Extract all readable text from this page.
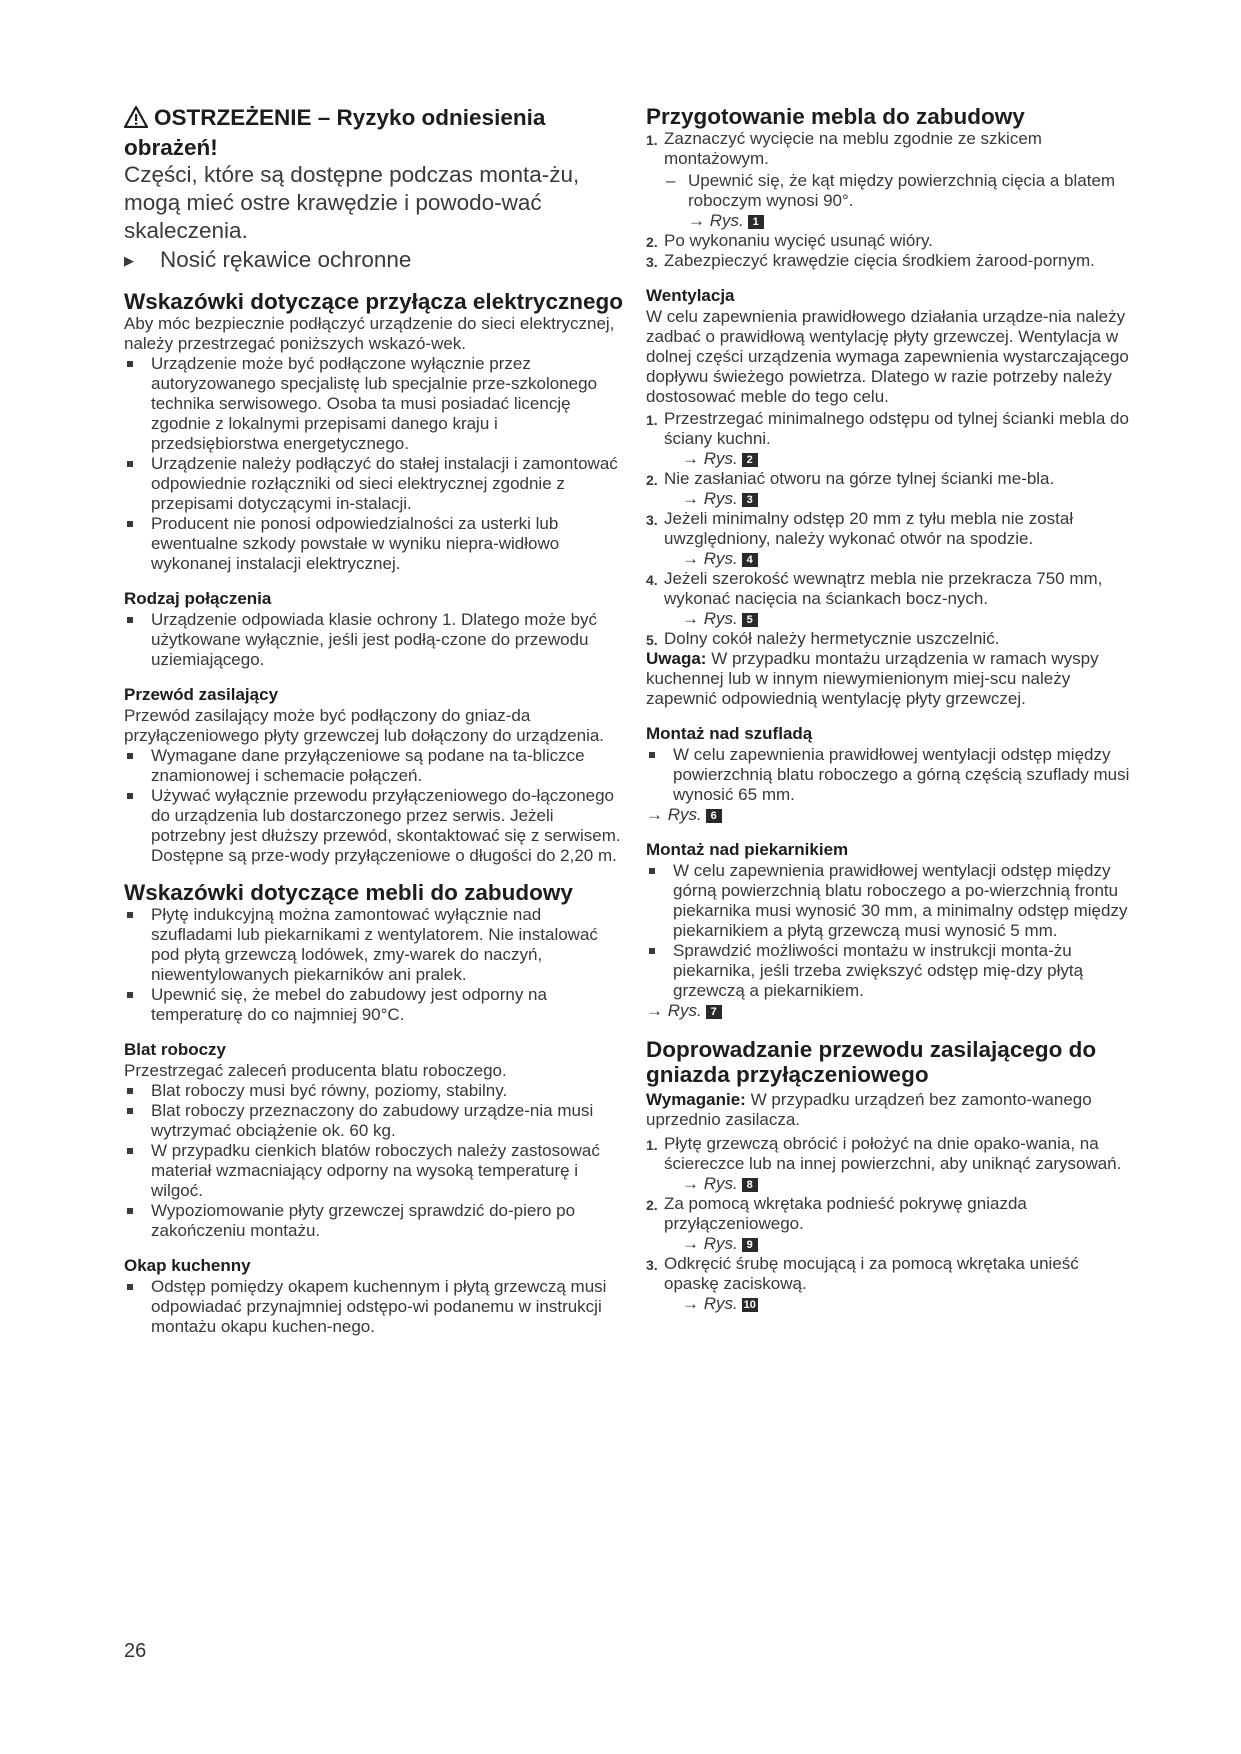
OSTRZEŻENIE – Ryzyko odniesienia obrażeń!

Części, które są dostępne podczas monta-żu, mogą mieć ostre krawędzie i powodo-wać skaleczenia.

▶ Nosić rękawice ochronne

Wskazówki dotyczące przyłącza elektrycznego

Aby móc bezpiecznie podłączyć urządzenie do sieci elektrycznej, należy przestrzegać poniższych wskazó-wek.

Urządzenie może być podłączone wyłącznie przez autoryzowanego specjalistę lub specjalnie prze-szkolonego technika serwisowego. Osoba ta musi posiadać licencję zgodnie z lokalnymi przepisami danego kraju i przedsiębiorstwa energetycznego.
Urządzenie należy podłączyć do stałej instalacji i zamontować odpowiednie rozłączniki od sieci elektrycznej zgodnie z przepisami dotyczącymi in-stalacji.
Producent nie ponosi odpowiedzialności za usterki lub ewentualne szkody powstałe w wyniku niepra-widłowo wykonanej instalacji elektrycznej.
Rodzaj połączenia
Urządzenie odpowiada klasie ochrony 1. Dlatego może być użytkowane wyłącznie, jeśli jest podłą-czone do przewodu uziemiającego.
Przewód zasilający

Przewód zasilający może być podłączony do gniaz-da przyłączeniowego płyty grzewczej lub dołączony do urządzenia.

Wymagane dane przyłączeniowe są podane na ta-bliczce znamionowej i schemacie połączeń.
Używać wyłącznie przewodu przyłączeniowego do-łączonego do urządzenia lub dostarczonego przez serwis. Jeżeli potrzebny jest dłuższy przewód, skontaktować się z serwisem. Dostępne są prze-wody przyłączeniowe o długości do 2,20 m.
Wskazówki dotyczące mebli do zabudowy
Płytę indukcyjną można zamontować wyłącznie nad szufladami lub piekarnikami z wentylatorem. Nie instalować pod płytą grzewczą lodówek, zmy-warek do naczyń, niewentylowanych piekarników ani pralek.
Upewnić się, że mebel do zabudowy jest odporny na temperaturę do co najmniej 90°C.
Blat roboczy

Przestrzegać zaleceń producenta blatu roboczego.

Blat roboczy musi być równy, poziomy, stabilny.
Blat roboczy przeznaczony do zabudowy urządze-nia musi wytrzymać obciążenie ok. 60 kg.
W przypadku cienkich blatów roboczych należy zastosować materiał wzmacniający odporny na wysoką temperaturę i wilgoć.
Wypoziomowanie płyty grzewczej sprawdzić do-piero po zakończeniu montażu.
Okap kuchenny
Odstęp pomiędzy okapem kuchennym i płytą grzewczą musi odpowiadać przynajmniej odstępo-wi podanemu w instrukcji montażu okapu kuchen-nego.
Przygotowanie mebla do zabudowy
1. Zaznaczyć wycięcie na meblu zgodnie ze szkicem montażowym.
– Upewnić się, że kąt między powierzchnią cięcia a blatem roboczym wynosi 90°.
→ Rys. 1
2. Po wykonaniu wycięć usunąć wióry.
3. Zabezpieczyć krawędzie cięcia środkiem żarood-pornym.
Wentylacja

W celu zapewnienia prawidłowego działania urządze-nia należy zadbać o prawidłową wentylację płyty grzewczej. Wentylacja w dolnej części urządzenia wymaga zapewnienia wystarczającego dopływu świeżego powietrza. Dlatego w razie potrzeby należy dostosować meble do tego celu.

1. Przestrzegać minimalnego odstępu od tylnej ścianki mebla do ściany kuchni.
→ Rys. 2
2. Nie zasłaniać otworu na górze tylnej ścianki me-bla.
→ Rys. 3
3. Jeżeli minimalny odstęp 20 mm z tyłu mebla nie został uwzględniony, należy wykonać otwór na spodzie.
→ Rys. 4
4. Jeżeli szerokość wewnątrz mebla nie przekracza 750 mm, wykonać nacięcia na ściankach bocz-nych.
→ Rys. 5
5. Dolny cokół należy hermetycznie uszczelnić.

Uwaga: W przypadku montażu urządzenia w ramach wyspy kuchennej lub w innym niewymienionym miej-scu należy zapewnić odpowiednią wentylację płyty grzewczej.

Montaż nad szufladą
W celu zapewnienia prawidłowej wentylacji odstęp między powierzchnią blatu roboczego a górną częścią szuflady musi wynosić 65 mm.
→ Rys. 6
Montaż nad piekarnikiem
W celu zapewnienia prawidłowej wentylacji odstęp między górną powierzchnią blatu roboczego a po-wierzchnią frontu piekarnika musi wynosić 30 mm, a minimalny odstęp między piekarnikiem a płytą grzewczą musi wynosić 5 mm.
Sprawdzić możliwości montażu w instrukcji monta-żu piekarnika, jeśli trzeba zwiększyć odstęp mię-dzy płytą grzewczą a piekarnikiem.
→ Rys. 7
Doprowadzanie przewodu zasilającego do gniazda przyłączeniowego

Wymaganie: W przypadku urządzeń bez zamonto-wanego uprzednio zasilacza.

1. Płytę grzewczą obrócić i położyć na dnie opako-wania, na ściereczce lub na innej powierzchni, aby uniknąć zarysowań.
→ Rys. 8
2. Za pomocą wkrętaka podnieść pokrywę gniazda przyłączeniowego.
→ Rys. 9
3. Odkręcić śrubę mocującą i za pomocą wkrętaka unieść opaskę zaciskową.
→ Rys. 10
26
